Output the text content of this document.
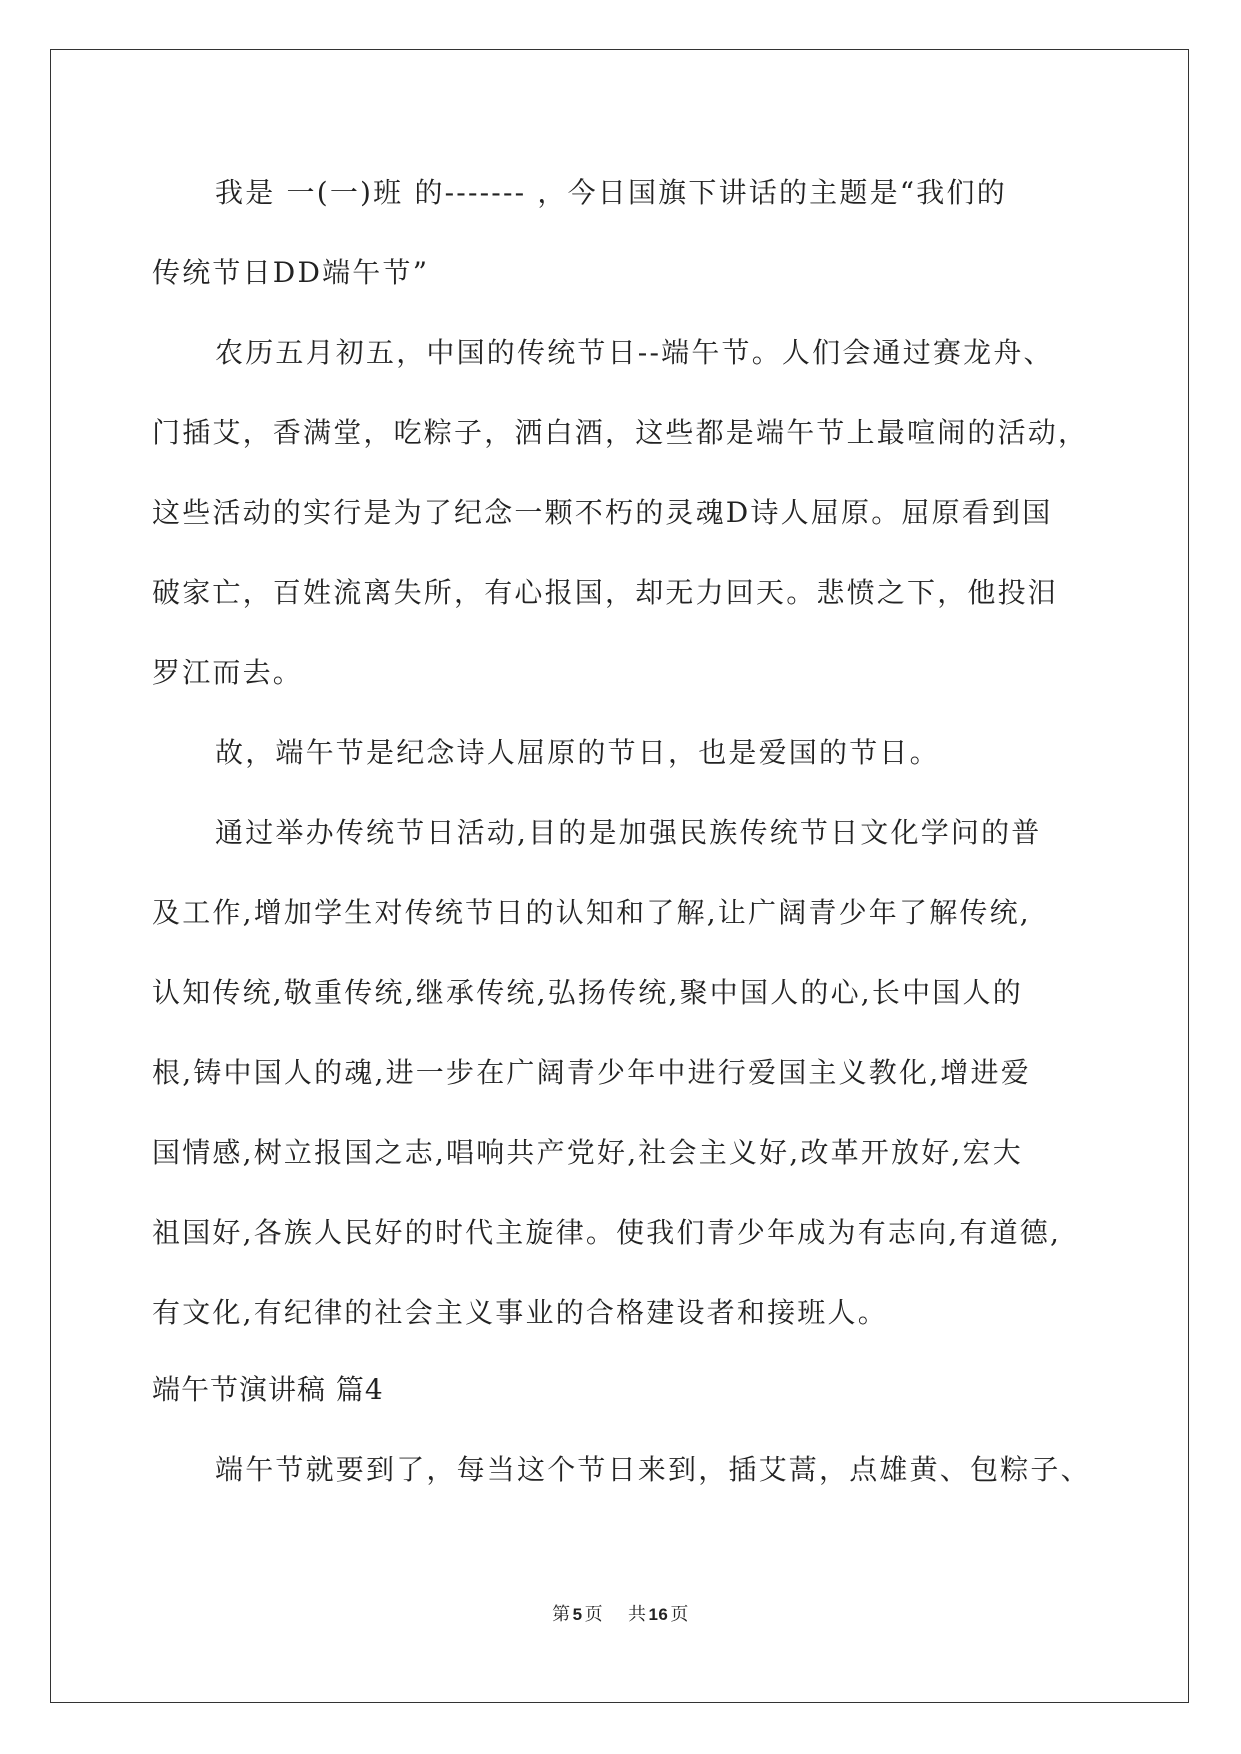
我是 一(一)班 的------- ，今日国旗下讲话的主题是“我们的
传统节日DD端午节”
农历五月初五，中国的传统节日--端午节。人们会通过赛龙舟、
门插艾，香满堂，吃粽子，洒白酒，这些都是端午节上最喧闹的活动，
这些活动的实行是为了纪念一颗不朽的灵魂D诗人屈原。屈原看到国
破家亡，百姓流离失所，有心报国，却无力回天。悲愤之下，他投汨
罗江而去。
故，端午节是纪念诗人屈原的节日，也是爱国的节日。
通过举办传统节日活动,目的是加强民族传统节日文化学问的普
及工作,增加学生对传统节日的认知和了解,让广阔青少年了解传统,
认知传统,敬重传统,继承传统,弘扬传统,聚中国人的心,长中国人的
根,铸中国人的魂,进一步在广阔青少年中进行爱国主义教化,增进爱
国情感,树立报国之志,唱响共产党好,社会主义好,改革开放好,宏大
祖国好,各族人民好的时代主旋律。使我们青少年成为有志向,有道德,
有文化,有纪律的社会主义事业的合格建设者和接班人。
端午节演讲稿 篇4
端午节就要到了，每当这个节日来到，插艾蒿，点雄黄、包粽子、
第 5 页 共 16 页
